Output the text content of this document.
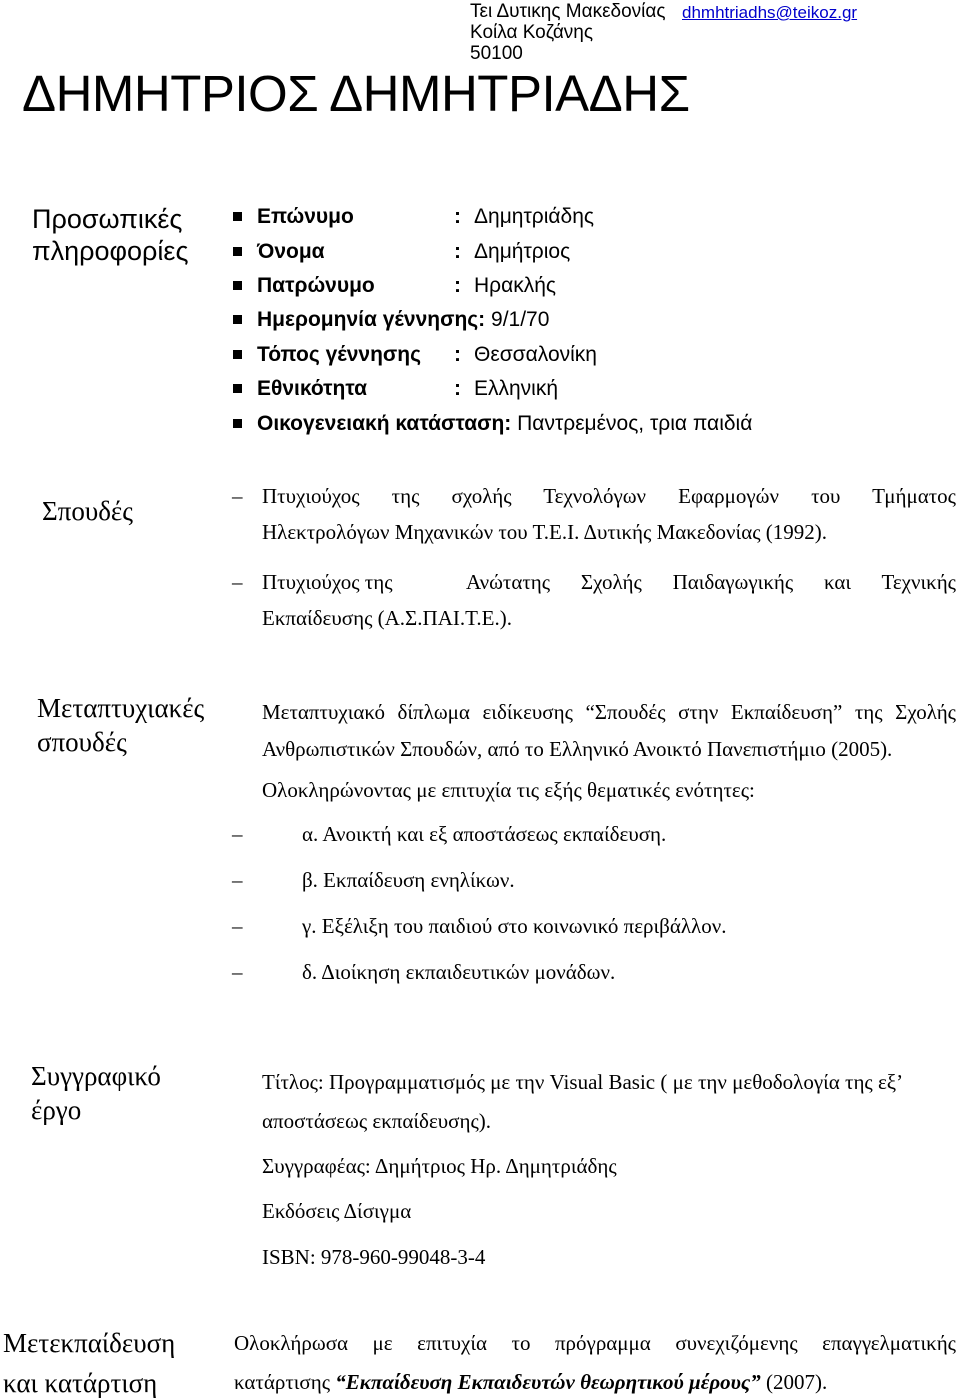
Τει Δυτικης Μακεδονίας
Κοίλα Κοζάνης
50100
dhmhtriadhs@teikoz.gr
ΔΗΜΗΤΡΙΟΣ ΔΗΜΗΤΡΙΑΔΗΣ
Προσωπικές
πληροφορίες
Επώνυμο	: Δημητριάδης
Όνομα	: Δημήτριος
Πατρώνυμο	: Ηρακλής
Ημερομηνία γέννησης: 9/1/70
Τόπος γέννησης : Θεσσαλονίκη
Εθνικότητα	: Ελληνική
Οικογενειακή κατάσταση: Παντρεμένος, τρια παιδιά
Σπουδές	– Πτυχιούχος της σχολής Τεχνολόγων Εφαρμογών του Τμήματος
Ηλεκτρολόγων Μηχανικών του Τ.Ε.Ι. Δυτικής Μακεδονίας (1992).
– Πτυχιούχος της	Ανώτατης Σχολής Παιδαγωγικής και Τεχνικής
Εκπαίδευσης (Α.Σ.ΠΑΙ.Τ.Ε.).
Μεταπτυχιακές
σπουδές
Μεταπτυχιακό δίπλωμα ειδίκευσης “Σπουδές στην Εκπαίδευση” της Σχολής
Ανθρωπιστικών Σπουδών, από το Ελληνικό Ανοικτό Πανεπιστήμιο (2005).
Ολοκληρώνοντας με επιτυχία τις εξής θεματικές ενότητες:
–	α. Ανοικτή και εξ αποστάσεως εκπαίδευση.
–	β. Εκπαίδευση ενηλίκων.
–	γ. Εξέλιξη του παιδιού στο κοινωνικό περιβάλλον.
–	δ. Διοίκηση εκπαιδευτικών μονάδων.
Συγγραφικό
έργο
Τίτλος: Προγραμματισμός με την Visual Basic ( με την μεθοδολογία της εξ’
αποστάσεως εκπαίδευσης).
Συγγραφέας: Δημήτριος Ηρ. Δημητριάδης
Εκδόσεις Δίσιγμα
ISBN: 978-960-99048-3-4
Μετεκπαίδευση
και κατάρτιση
Ολοκλήρωσα με επιτυχία το πρόγραμμα συνεχιζόμενης επαγγελματικής
κατάρτισης “Εκπαίδευση Εκπαιδευτών θεωρητικού μέρους” (2007).
